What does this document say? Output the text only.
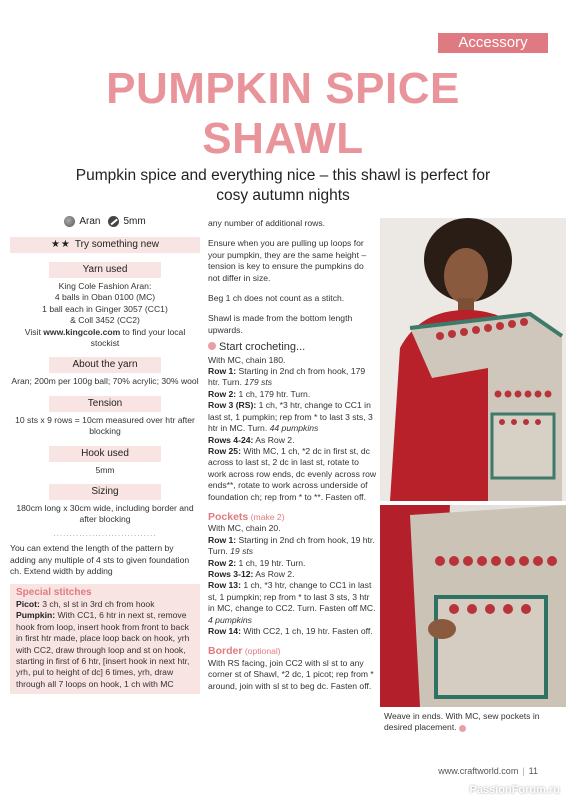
Accessory
PUMPKIN SPICE
SHAWL
Pumpkin spice and everything nice – this shawl is perfect for cosy autumn nights
Aran	5mm
★★ Try something new
Yarn used

King Cole Fashion Aran:
4 balls in Oban 0100 (MC)
1 ball each in Ginger 3057 (CC1)
& Coll 3452 (CC2)
Visit www.kingcole.com to find your local stockist

About the yarn

Aran; 200m per 100g ball; 70% acrylic; 30% wool

Tension

10 sts x 9 rows = 10cm measured over htr after blocking

Hook used

5mm

Sizing

180cm long x 30cm wide, including border and after blocking

................................

You can extend the length of the pattern by adding any multiple of 4 sts to given foundation ch. Extend width by adding

Special stitches

Picot: 3 ch, sl st in 3rd ch from hook

Pumpkin: With CC1, 6 htr in next st, remove hook from loop, insert hook from front to back in first htr made, place loop back on hook, yrh with CC2, draw through loop and st on hook, starting in first of 6 htr, [insert hook in next htr, yrh, pul to height of dc] 6 times, yrh, draw through all 7 loops on hook, 1 ch with MC

any number of additional rows.

Ensure when you are pulling up loops for your pumpkin, they are the same height – tension is key to ensure the pumpkins do not differ in size.

Beg 1 ch does not count as a stitch.

Shawl is made from the bottom length upwards.

Start crocheting...

With MC, chain 180.

Row 1: Starting in 2nd ch from hook, 179 htr. Turn. 179 sts

Row 2: 1 ch, 179 htr. Turn.

Row 3 (RS): 1 ch, *3 htr, change to CC1 in last st, 1 pumpkin; rep from * to last 3 sts, 3 htr in MC. Turn. 44 pumpkins

Rows 4-24: As Row 2.

Row 25: With MC, 1 ch, *2 dc in first st, dc across to last st, 2 dc in last st, rotate to work across row ends, dc evenly across row ends**, rotate to work across underside of foundation ch; rep from * to **. Fasten off.

Pockets (make 2)

With MC, chain 20.

Row 1: Starting in 2nd ch from hook, 19 htr. Turn. 19 sts

Row 2: 1 ch, 19 htr. Turn.

Rows 3-12: As Row 2.

Row 13: 1 ch, *3 htr, change to CC1 in last st, 1 pumpkin; rep from * to last 3 sts, 3 htr in MC, change to CC2. Turn. Fasten off MC. 4 pumpkins

Row 14: With CC2, 1 ch, 19 htr. Fasten off.

Border (optional)

With RS facing, join CC2 with sl st to any corner st of Shawl, *2 dc, 1 picot; rep from * around, join with sl st to beg dc. Fasten off.

Weave in ends. With MC, sew pockets in desired placement.
www.craftworld.com | 11
PassionForum.ru
